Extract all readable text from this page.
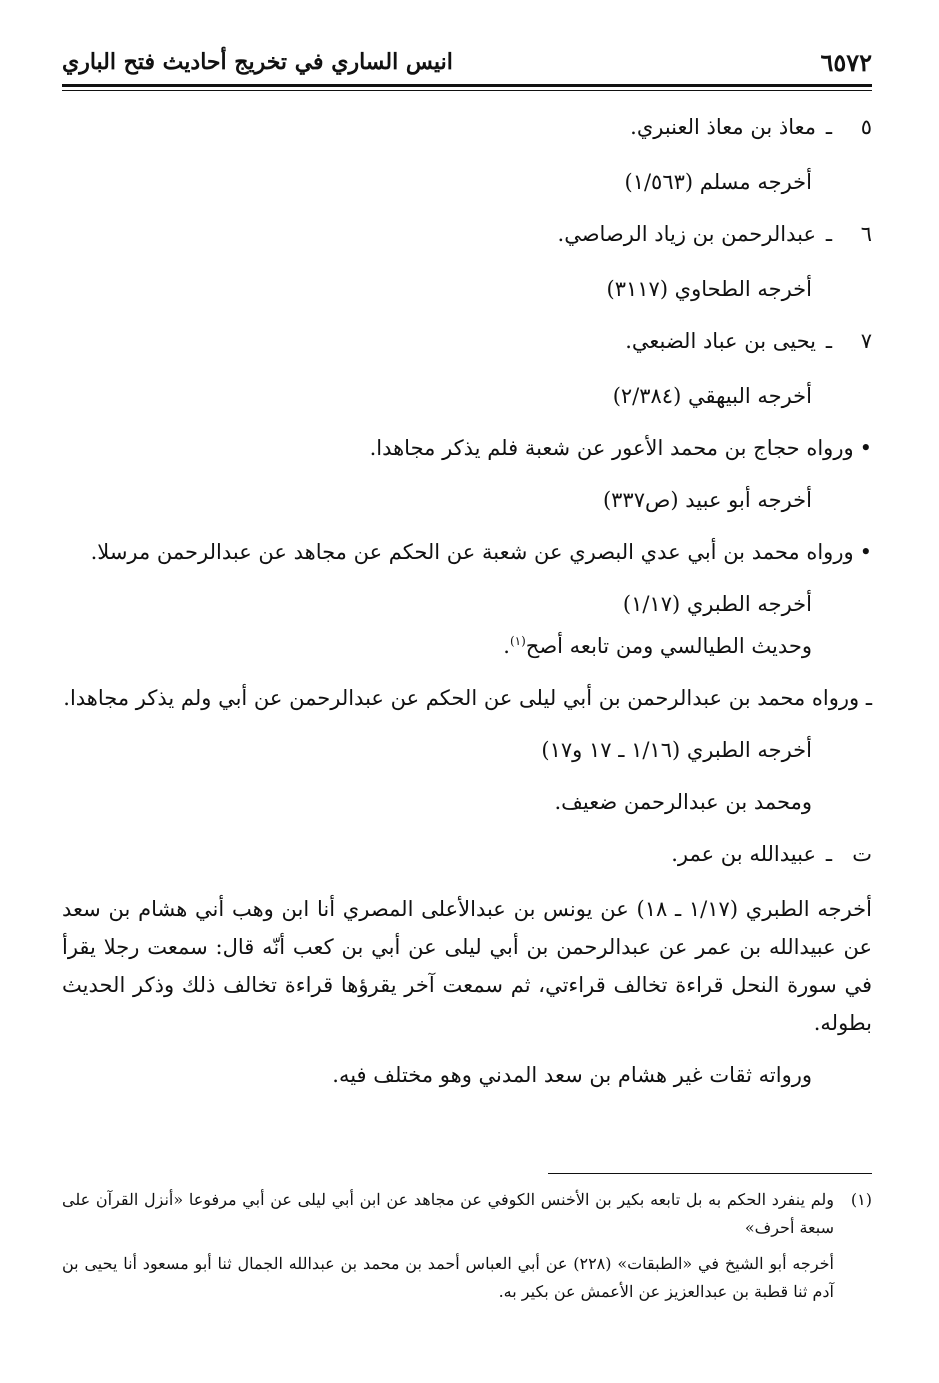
٦٥٧٢
انيس الساري في تخريج أحاديث فتح الباري
٥
ـ
معاذ بن معاذ العنبري.
أخرجه مسلم (١/٥٦٣)
٦
ـ
عبدالرحمن بن زياد الرصاصي.
أخرجه الطحاوي (٣١١٧)
٧
ـ
يحيى بن عباد الضبعي.
أخرجه البيهقي (٢/٣٨٤)
•ورواه حجاج بن محمد الأعور عن شعبة فلم يذكر مجاهدا.
أخرجه أبو عبيد (ص٣٣٧)
•ورواه محمد بن أبي عدي البصري عن شعبة عن الحكم عن مجاهد عن عبدالرحمن مرسلا.
أخرجه الطبري (١/١٧)
وحديث الطيالسي ومن تابعه أصح$^{(١)}$.
ـ ورواه محمد بن عبدالرحمن بن أبي ليلى عن الحكم عن عبدالرحمن عن أبي ولم يذكر مجاهدا.
أخرجه الطبري (١/١٦ ـ ١٧ و١٧)
ومحمد بن عبدالرحمن ضعيف.
ت
ـ
عبيدالله بن عمر.
أخرجه الطبري (١/١٧ ـ ١٨) عن يونس بن عبدالأعلى المصري أنا ابن وهب أني هشام بن سعد عن عبيدالله بن عمر عن عبدالرحمن بن أبي ليلى عن أبي بن كعب أنّه قال: سمعت رجلا يقرأ في سورة النحل قراءة تخالف قراءتي، ثم سمعت آخر يقرؤها قراءة تخالف ذلك وذكر الحديث بطوله.
ورواته ثقات غير هشام بن سعد المدني وهو مختلف فيه.
(١)
ولم ينفرد الحكم به بل تابعه بكير بن الأخنس الكوفي عن مجاهد عن ابن أبي ليلى عن أبي مرفوعا «أنزل القرآن على سبعة أحرف»
أخرجه أبو الشيخ في «الطبقات» (٢٢٨) عن أبي العباس أحمد بن محمد بن عبدالله الجمال ثنا أبو مسعود أنا يحيى بن آدم ثنا قطبة بن عبدالعزيز عن الأعمش عن بكير به.
